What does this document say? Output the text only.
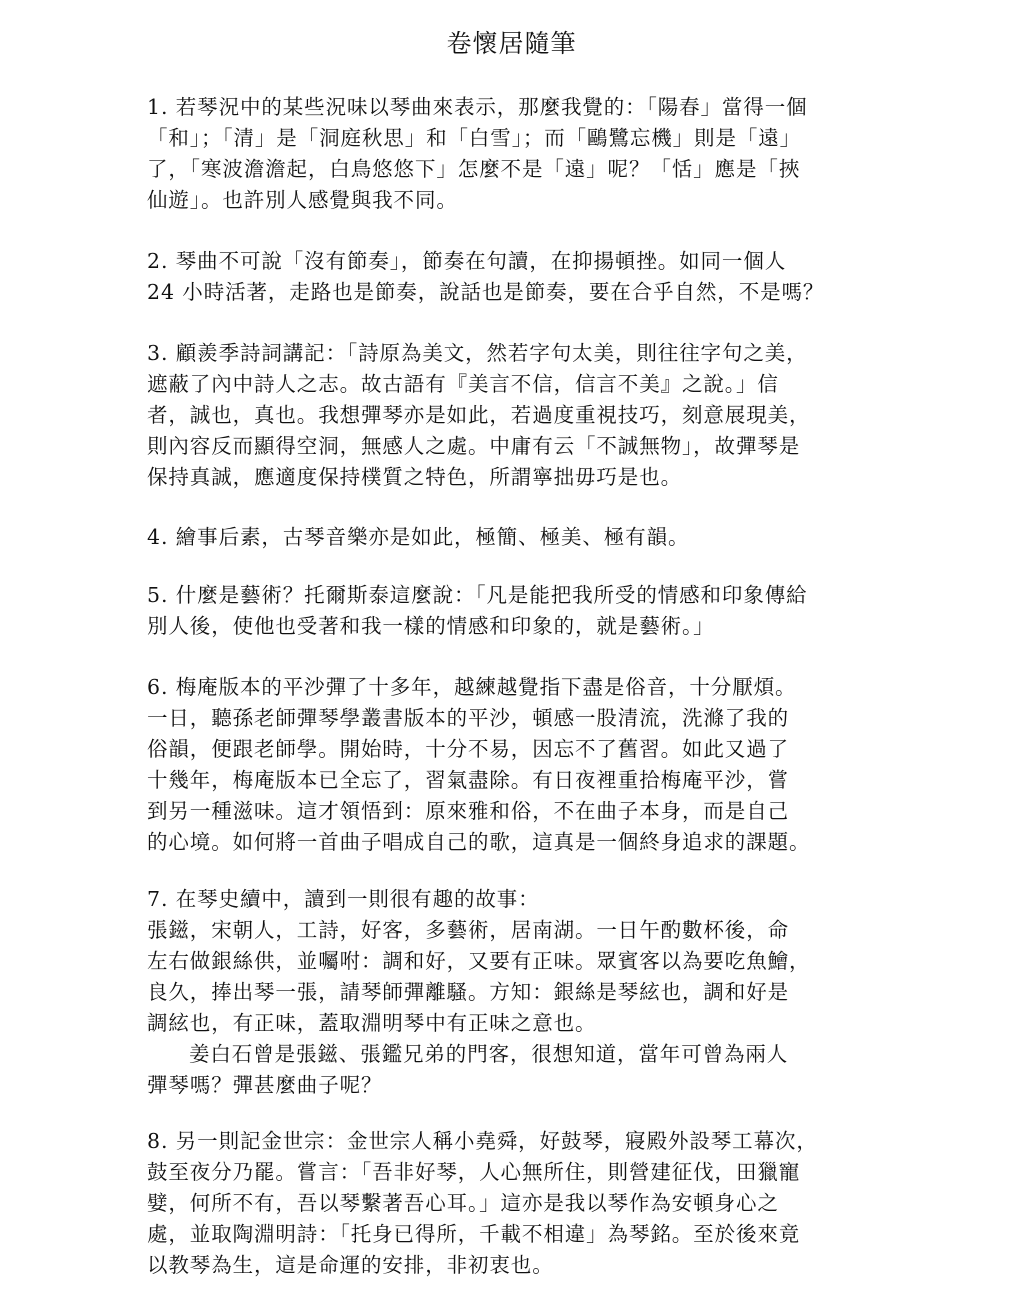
卷懷居隨筆
1. 若琴況中的某些況味以琴曲來表示，那麼我覺的：「陽春」當得一個
「和」；「清」是「洞庭秋思」和「白雪」；而「鷗鷺忘機」則是「遠」
了，「寒波澹澹起，白鳥悠悠下」怎麼不是「遠」呢？「恬」應是「挾
仙遊」。也許別人感覺與我不同。
2. 琴曲不可說「沒有節奏」，節奏在句讀，在抑揚頓挫。如同一個人
24 小時活著，走路也是節奏，說話也是節奏，要在合乎自然，不是嗎？
3. 顧羨季詩詞講記：「詩原為美文，然若字句太美，則往往字句之美，
遮蔽了內中詩人之志。故古語有『美言不信，信言不美』之說。」信
者，誠也，真也。我想彈琴亦是如此，若過度重視技巧，刻意展現美，
則內容反而顯得空洞，無感人之處。中庸有云「不誠無物」，故彈琴是
保持真誠，應適度保持樸質之特色，所謂寧拙毋巧是也。
4. 繪事后素，古琴音樂亦是如此，極簡、極美、極有韻。
5. 什麼是藝術？托爾斯泰這麼說：「凡是能把我所受的情感和印象傳給
別人後，使他也受著和我一樣的情感和印象的，就是藝術。」
6. 梅庵版本的平沙彈了十多年，越練越覺指下盡是俗音，十分厭煩。
一日，聽孫老師彈琴學叢書版本的平沙，頓感一股清流，洗滌了我的
俗韻，便跟老師學。開始時，十分不易，因忘不了舊習。如此又過了
十幾年，梅庵版本已全忘了，習氣盡除。有日夜裡重拾梅庵平沙，嘗
到另一種滋味。這才領悟到：原來雅和俗，不在曲子本身，而是自己
的心境。如何將一首曲子唱成自己的歌，這真是一個終身追求的課題。
7. 在琴史續中，讀到一則很有趣的故事：
張鎡，宋朝人，工詩，好客，多藝術，居南湖。一日午酌數杯後，命
左右做銀絲供，並囑咐：調和好，又要有正味。眾賓客以為要吃魚鱠，
良久，捧出琴一張，請琴師彈離騷。方知：銀絲是琴絃也，調和好是
調絃也，有正味，蓋取淵明琴中有正味之意也。
姜白石曾是張鎡、張鑑兄弟的門客，很想知道，當年可曾為兩人
彈琴嗎？彈甚麼曲子呢？
8. 另一則記金世宗：金世宗人稱小堯舜，好鼓琴，寢殿外設琴工幕次，
鼓至夜分乃罷。嘗言：「吾非好琴，人心無所住，則營建征伐，田獵寵
嬖，何所不有，吾以琴繫著吾心耳。」這亦是我以琴作為安頓身心之
處，並取陶淵明詩：「托身已得所，千載不相違」為琴銘。至於後來竟
以教琴為生，這是命運的安排，非初衷也。
